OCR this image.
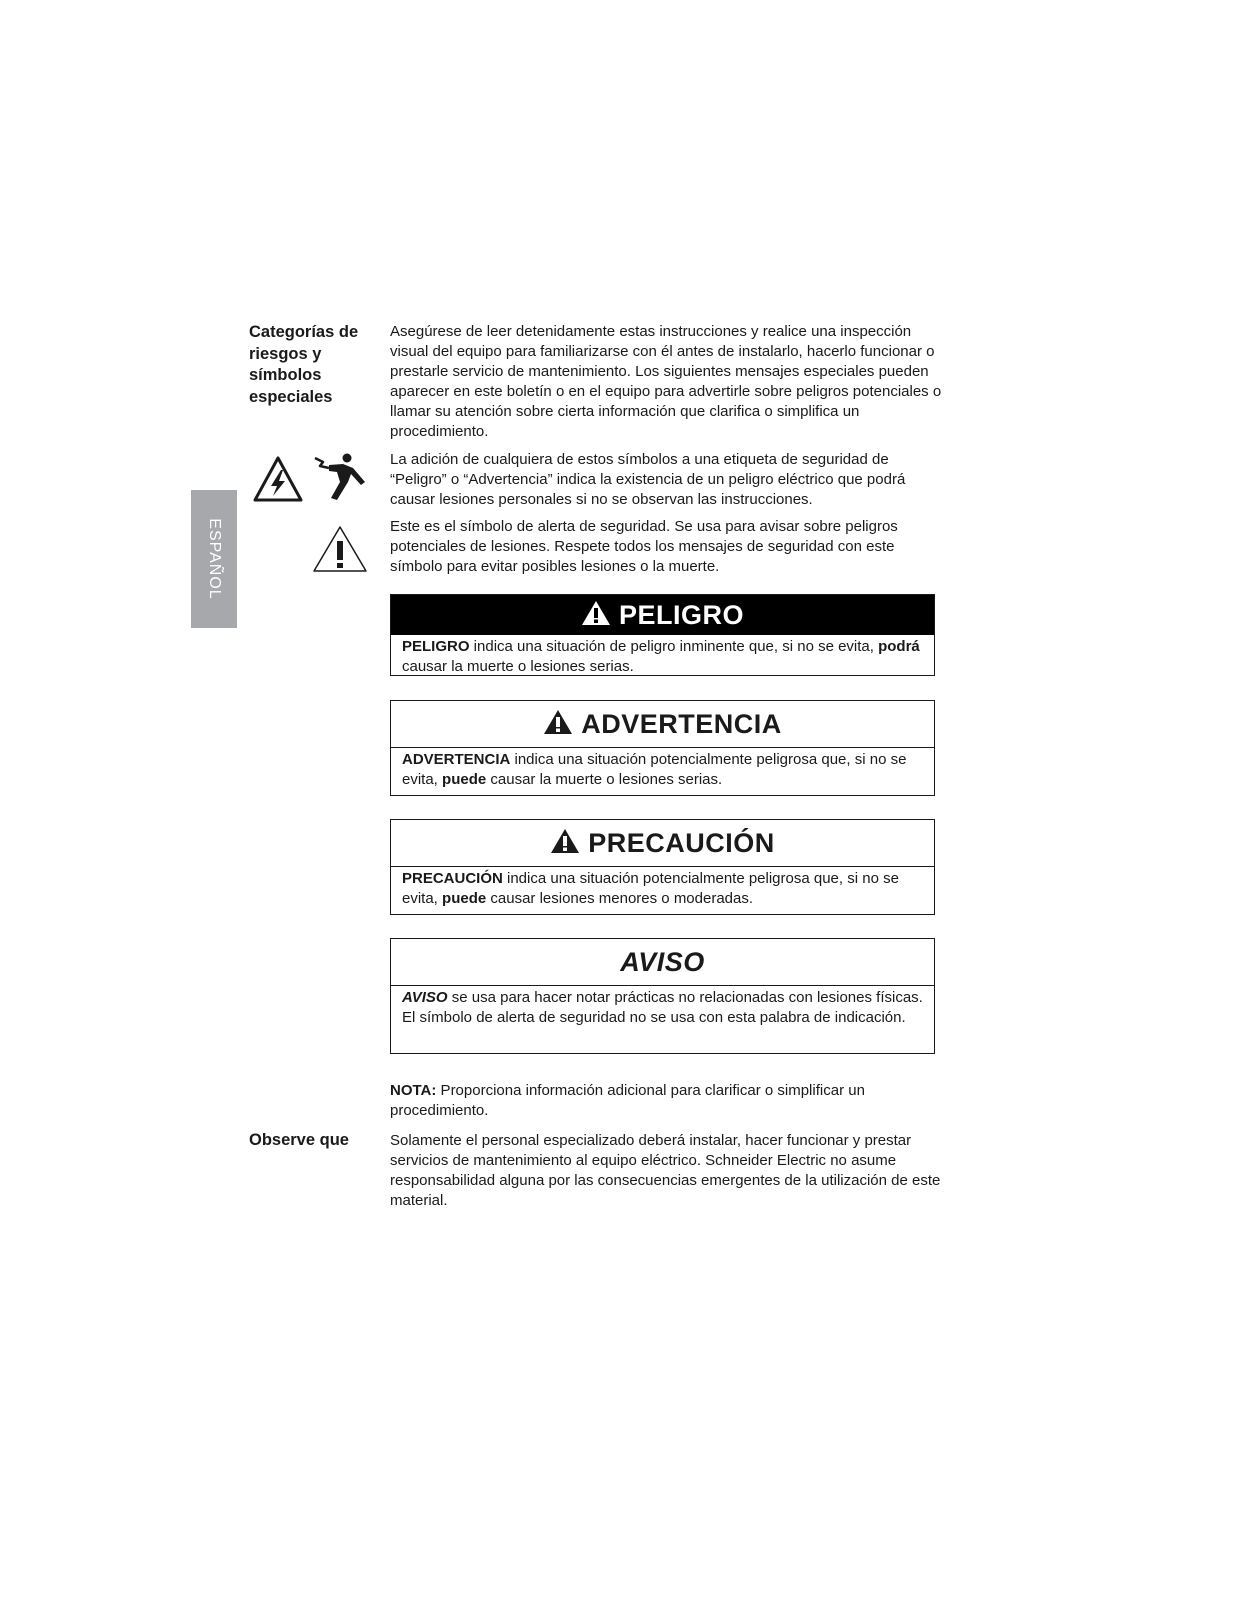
ESPAÑOL
Categorías de riesgos y símbolos especiales
Asegúrese de leer detenidamente estas instrucciones y realice una inspección visual del equipo para familiarizarse con él antes de instalarlo, hacerlo funcionar o prestarle servicio de mantenimiento. Los siguientes mensajes especiales pueden aparecer en este boletín o en el equipo para advertirle sobre peligros potenciales o llamar su atención sobre cierta información que clarifica o simplifica un procedimiento.
La adición de cualquiera de estos símbolos a una etiqueta de seguridad de “Peligro” o “Advertencia” indica la existencia de un peligro eléctrico que podrá causar lesiones personales si no se observan las instrucciones.
Este es el símbolo de alerta de seguridad. Se usa para avisar sobre peligros potenciales de lesiones. Respete todos los mensajes de seguridad con este símbolo para evitar posibles lesiones o la muerte.
PELIGRO
PELIGRO indica una situación de peligro inminente que, si no se evita, podrá causar la muerte o lesiones serias.
ADVERTENCIA
ADVERTENCIA indica una situación potencialmente peligrosa que, si no se evita, puede causar la muerte o lesiones serias.
PRECAUCIÓN
PRECAUCIÓN indica una situación potencialmente peligrosa que, si no se evita, puede causar lesiones menores o moderadas.
AVISO
AVISO se usa para hacer notar prácticas no relacionadas con lesiones físicas. El símbolo de alerta de seguridad no se usa con esta palabra de indicación.
NOTA: Proporciona información adicional para clarificar o simplificar un procedimiento.
Observe que	Solamente el personal especializado deberá instalar, hacer funcionar y prestar servicios de mantenimiento al equipo eléctrico. Schneider Electric no asume responsabilidad alguna por las consecuencias emergentes de la utilización de este material.
